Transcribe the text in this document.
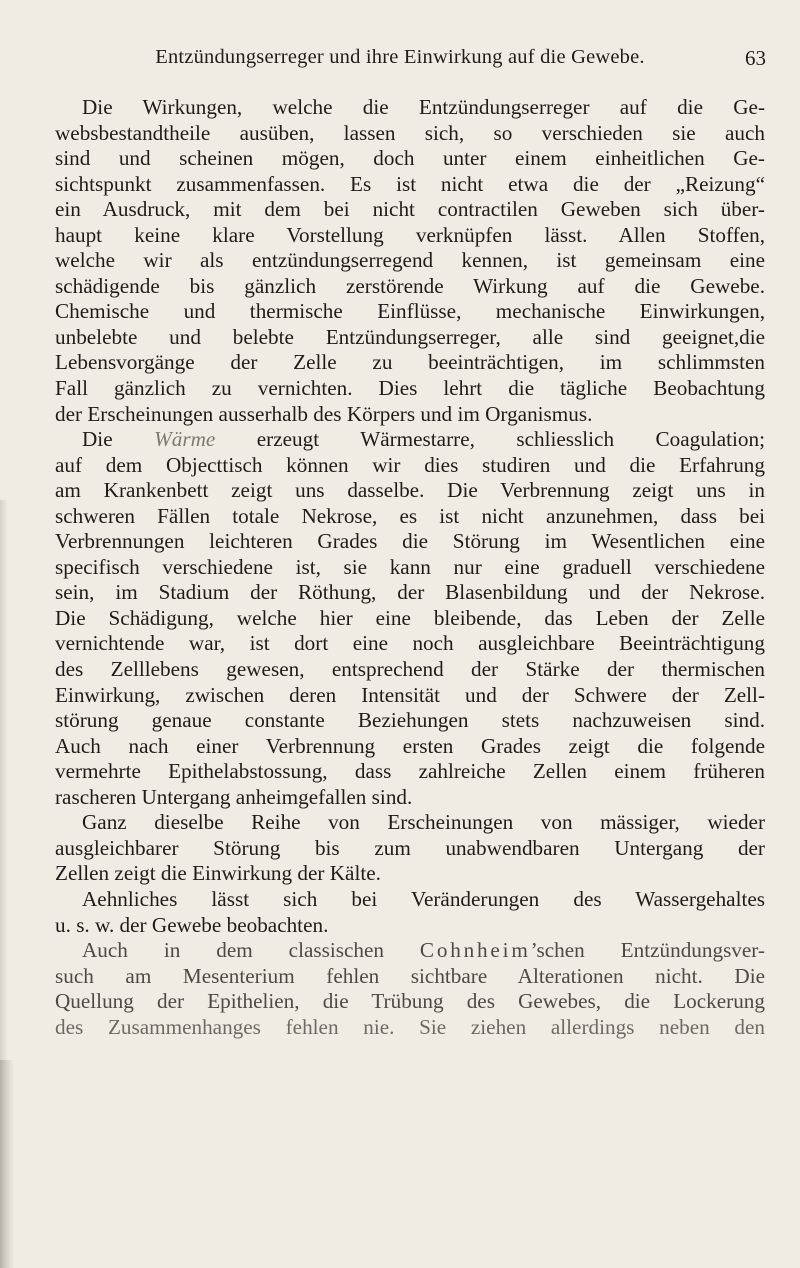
Entzündungserreger und ihre Einwirkung auf die Gewebe.	63
Die Wirkungen, welche die Entzündungserreger auf die Ge-
websbestandtheile ausüben, lassen sich, so verschieden sie auch
sind und scheinen mögen, doch unter einem einheitlichen Ge-
sichtspunkt zusammenfassen. Es ist nicht etwa die der „Reizung“
ein Ausdruck, mit dem bei nicht contractilen Geweben sich über-
haupt keine klare Vorstellung verknüpfen lässt. Allen Stoffen,
welche wir als entzündungserregend kennen, ist gemeinsam eine
schädigende bis gänzlich zerstörende Wirkung auf die Gewebe.
Chemische und thermische Einflüsse, mechanische Einwirkungen,
unbelebte und belebte Entzündungserreger, alle sind geeignet,die
Lebensvorgänge der Zelle zu beeinträchtigen, im schlimmsten
Fall gänzlich zu vernichten. Dies lehrt die tägliche Beobachtung
der Erscheinungen ausserhalb des Körpers und im Organismus.
Die Wärme erzeugt Wärmestarre, schliesslich Coagulation;
auf dem Objecttisch können wir dies studiren und die Erfahrung
am Krankenbett zeigt uns dasselbe. Die Verbrennung zeigt uns in
schweren Fällen totale Nekrose, es ist nicht anzunehmen, dass bei
Verbrennungen leichteren Grades die Störung im Wesentlichen eine
specifisch verschiedene ist, sie kann nur eine graduell verschiedene
sein, im Stadium der Röthung, der Blasenbildung und der Nekrose.
Die Schädigung, welche hier eine bleibende, das Leben der Zelle
vernichtende war, ist dort eine noch ausgleichbare Beeinträchtigung
des Zelllebens gewesen, entsprechend der Stärke der thermischen
Einwirkung, zwischen deren Intensität und der Schwere der Zell-
störung genaue constante Beziehungen stets nachzuweisen sind.
Auch nach einer Verbrennung ersten Grades zeigt die folgende
vermehrte Epithelabstossung, dass zahlreiche Zellen einem früheren
rascheren Untergang anheimgefallen sind.
Ganz dieselbe Reihe von Erscheinungen von mässiger, wieder
ausgleichbarer Störung bis zum unabwendbaren Untergang der
Zellen zeigt die Einwirkung der Kälte.
Aehnliches lässt sich bei Veränderungen des Wassergehaltes
u. s. w. der Gewebe beobachten.
Auch in dem classischen Cohnheim’schen Entzündungsver-
such am Mesenterium fehlen sichtbare Alterationen nicht. Die
Quellung der Epithelien, die Trübung des Gewebes, die Lockerung
des Zusammenhanges fehlen nie. Sie ziehen allerdings neben den
